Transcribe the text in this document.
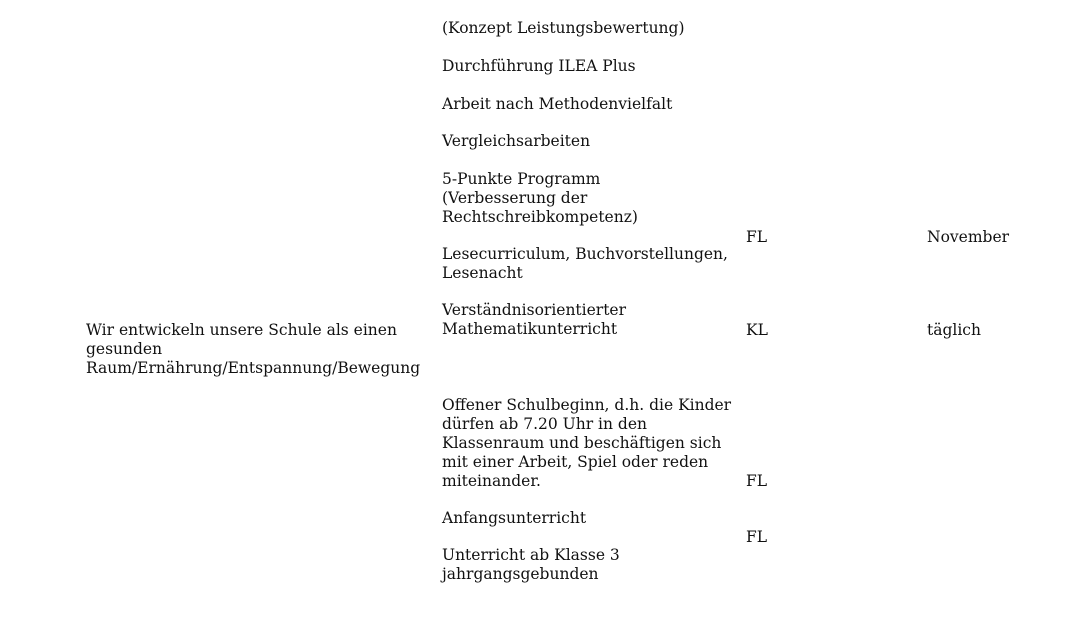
Wir entwickeln unsere Schule als einen
gesunden
Raum/Ernährung/Entspannung/Bewegung
(Konzept Leistungsbewertung)
Durchführung ILEA Plus
Arbeit nach Methodenvielfalt
Vergleichsarbeiten
5-Punkte Programm
(Verbesserung der
Rechtschreibkompetenz)
Lesecurriculum, Buchvorstellungen,
Lesenacht
Verständnisorientierter
Mathematikunterricht
Offener Schulbeginn, d.h. die Kinder
dürfen ab 7.20 Uhr in den
Klassenraum und beschäftigen sich
mit einer Arbeit, Spiel oder reden
miteinander.
Anfangsunterricht
Unterricht ab Klasse 3
jahrgangsgebunden
FL
KL
FL
FL
November
täglich
